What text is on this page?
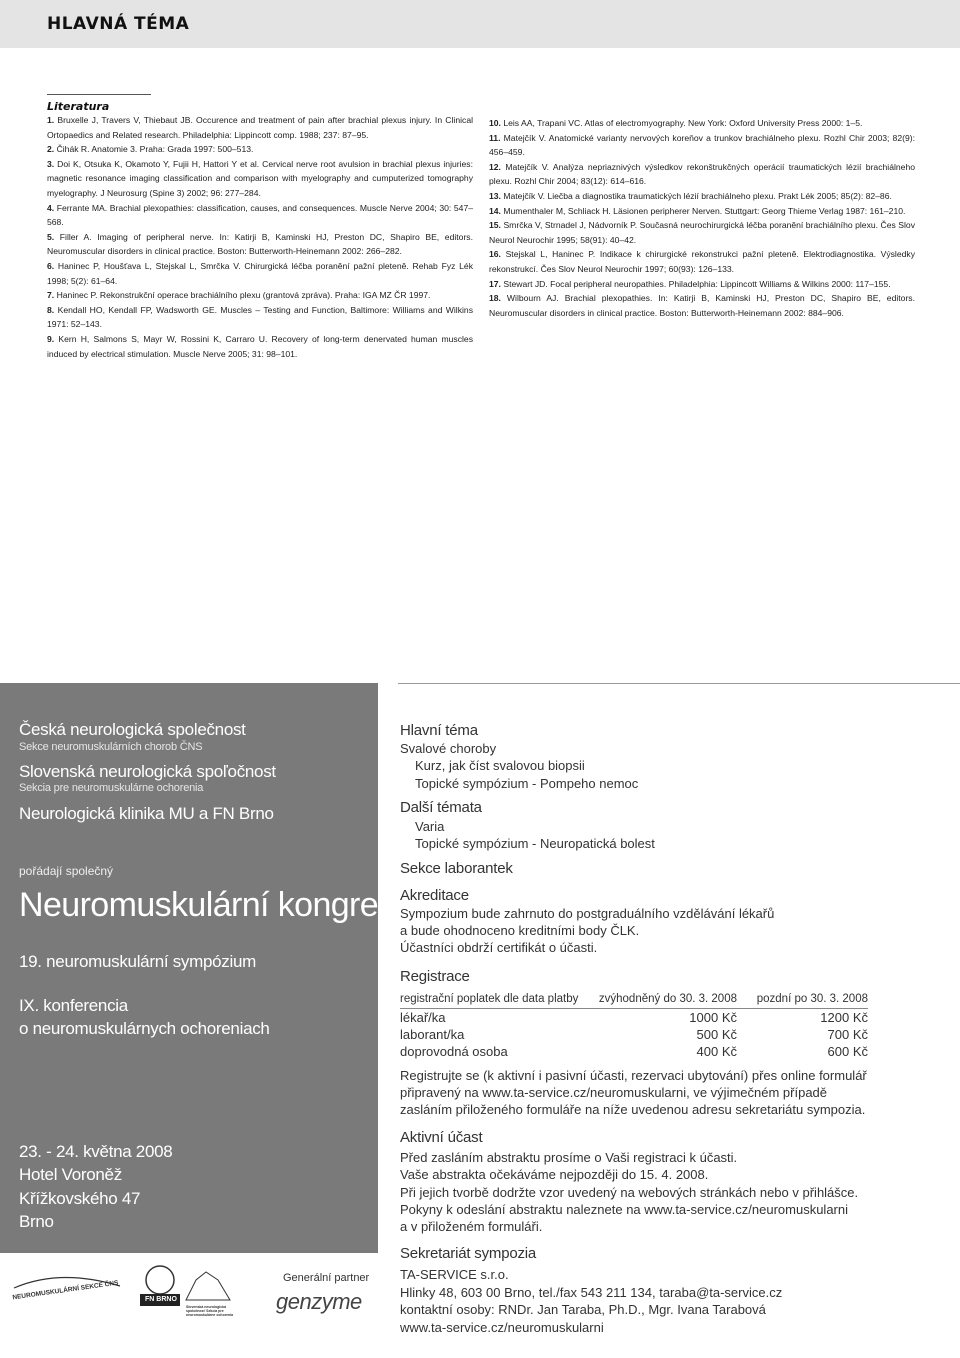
HLAVNÁ TÉMA
Literatura
1. Bruxelle J, Travers V, Thiebaut JB. Occurence and treatment of pain after brachial plexus injury. In Clinical Ortopaedics and Related research. Philadelphia: Lippincott comp. 1988; 237: 87–95.
2. Čihák R. Anatomie 3. Praha: Grada 1997: 500–513.
3. Doi K, Otsuka K, Okamoto Y, Fujii H, Hattori Y et al. Cervical nerve root avulsion in brachial plexus injuries: magnetic resonance imaging classification and comparison with myelography and cumputerized tomography myelography. J Neurosurg (Spine 3) 2002; 96: 277–284.
4. Ferrante MA. Brachial plexopathies: classification, causes, and consequences. Muscle Nerve 2004; 30: 547–568.
5. Filler A. Imaging of peripheral nerve. In: Katirji B, Kaminski HJ, Preston DC, Shapiro BE, editors. Neuromuscular disorders in clinical practice. Boston: Butterworth-Heinemann 2002: 266–282.
6. Haninec P, Houšťava L, Stejskal L, Smrčka V. Chirurgická léčba poranění pažní pleteně. Rehab Fyz Lék 1998; 5(2): 61–64.
7. Haninec P. Rekonstrukční operace brachiálního plexu (grantová zpráva). Praha: IGA MZ ČR 1997.
8. Kendall HO, Kendall FP, Wadsworth GE. Muscles – Testing and Function, Baltimore: Williams and Wilkins 1971: 52–143.
9. Kern H, Salmons S, Mayr W, Rossini K, Carraro U. Recovery of long-term denervated human muscles induced by electrical stimulation. Muscle Nerve 2005; 31: 98–101.
10. Leis AA, Trapani VC. Atlas of electromyography. New York: Oxford University Press 2000: 1–5.
11. Matejčík V. Anatomické varianty nervových koreňov a trunkov brachiálneho plexu. Rozhl Chir 2003; 82(9): 456–459.
12. Matejčík V. Analýza nepriaznivých výsledkov rekonštrukčných operácií traumatických lézií brachiálneho plexu. Rozhl Chir 2004; 83(12): 614–616.
13. Matejčík V. Liečba a diagnostika traumatických lézií brachiálneho plexu. Prakt Lék 2005; 85(2): 82–86.
14. Mumenthaler M, Schliack H. Läsionen peripherer Nerven. Stuttgart: Georg Thieme Verlag 1987: 161–210.
15. Smrčka V, Strnadel J, Nádvorník P. Současná neurochirurgická léčba poranění brachiálního plexu. Čes Slov Neurol Neurochir 1995; 58(91): 40–42.
16. Stejskal L, Haninec P. Indikace k chirurgické rekonstrukci pažní pleteně. Elektrodiagnostika. Výsledky rekonstrukcí. Čes Slov Neurol Neurochir 1997; 60(93): 126–133.
17. Stewart JD. Focal peripheral neuropathies. Philadelphia: Lippincott Williams & Wilkins 2000: 117–155.
18. Wilbourn AJ. Brachial plexopathies. In: Katirji B, Kaminski HJ, Preston DC, Shapiro BE, editors. Neuromuscular disorders in clinical practice. Boston: Butterworth-Heinemann 2002: 884–906.
Česká neurologická společnost
Sekce neuromuskulárních chorob ČNS
Slovenská neurologická spoľočnost
Sekcia pre neuromuskulárne ochorenia
Neurologická klinika MU a FN Brno
pořádají společný
Neuromuskulární kongres
19. neuromuskulární sympózium
IX. konferencia
o neuromuskulárnych ochoreniach
23. - 24. května 2008
Hotel Voroněž
Křížkovského 47
Brno
NEUROMUSKULÁRNÍ SEKCE ČNS	FN BRNO
Slovenská neurologická spoločnosť Sekcia pre neuromuskulárne ochorenia
Generální partner
genzyme
Hlavní téma
Svalové choroby
Kurz, jak číst svalovou biopsii
Topické sympózium - Pompeho nemoc
Další témata
Varia
Topické sympózium - Neuropatická bolest
Sekce laborantek
Akreditace
Sympozium bude zahrnuto do postgraduálního vzdělávání lékařů
a bude ohodnoceno kreditními body ČLK.
Účastníci obdrží certifikát o účasti.
Registrace
registrační poplatek dle data platby	zvýhodněný do 30. 3. 2008	pozdní po 30. 3. 2008
lékař/ka	1000 Kč	1200 Kč
laborant/ka	500 Kč	700 Kč
doprovodná osoba	400 Kč	600 Kč
Registrujte se (k aktivní i pasivní účasti, rezervaci ubytování) přes online formulář
připravený na www.ta-service.cz/neuromuskularni, ve výjimečném případě
zasláním přiloženého formuláře na níže uvedenou adresu sekretariátu sympozia.
Aktivní účast
Před zasláním abstraktu prosíme o Vaši registraci k účasti.
Vaše abstrakta očekáváme nejpozději do 15. 4. 2008.
Při jejich tvorbě dodržte vzor uvedený na webových stránkách nebo v přihlášce.
Pokyny k odeslání abstraktu naleznete na www.ta-service.cz/neuromuskularni
a v přiloženém formuláři.
Sekretariát sympozia
TA-SERVICE s.r.o.
Hlinky 48, 603 00 Brno, tel./fax 543 211 134, taraba@ta-service.cz
kontaktní osoby: RNDr. Jan Taraba, Ph.D., Mgr. Ivana Tarabová
www.ta-service.cz/neuromuskularni
